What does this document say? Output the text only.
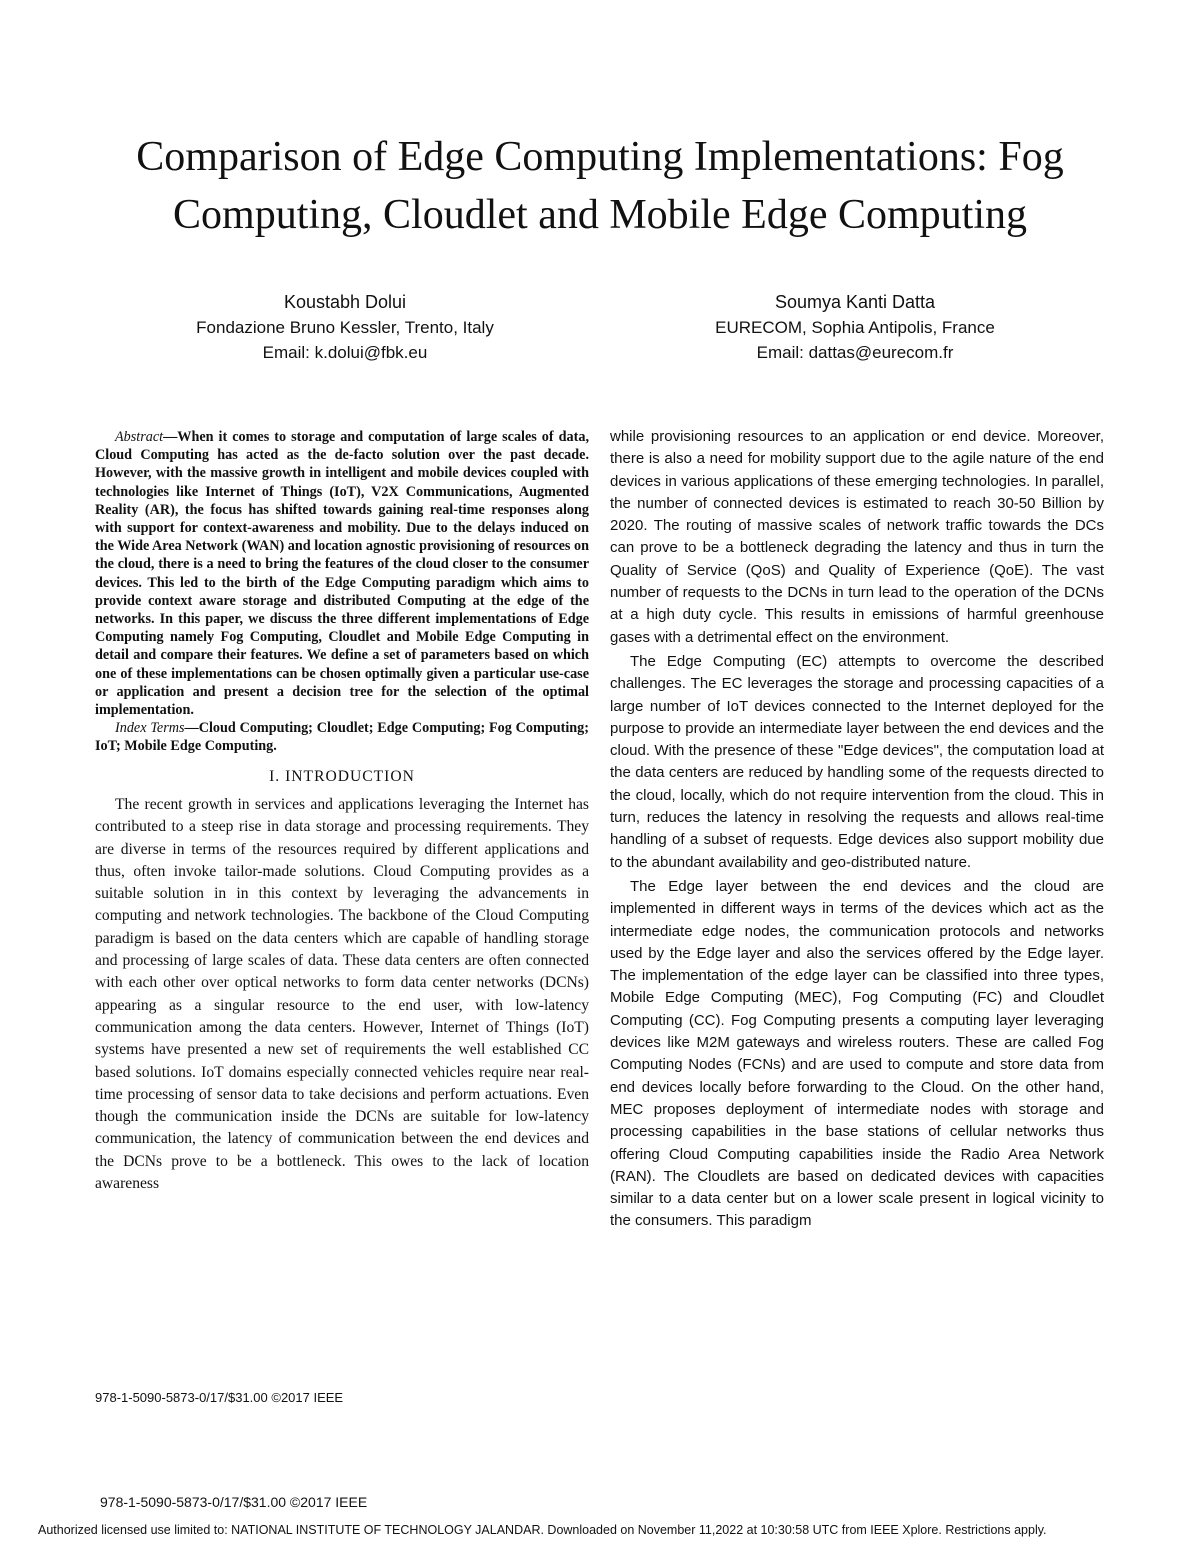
Comparison of Edge Computing Implementations: Fog Computing, Cloudlet and Mobile Edge Computing
Koustabh Dolui
Fondazione Bruno Kessler, Trento, Italy
Email: k.dolui@fbk.eu
Soumya Kanti Datta
EURECOM, Sophia Antipolis, France
Email: dattas@eurecom.fr

Abstract—When it comes to storage and computation of large scales of data, Cloud Computing has acted as the de-facto solution over the past decade. However, with the massive growth in intelligent and mobile devices coupled with technologies like Internet of Things (IoT), V2X Communications, Augmented Reality (AR), the focus has shifted towards gaining real-time responses along with support for context-awareness and mobility. Due to the delays induced on the Wide Area Network (WAN) and location agnostic provisioning of resources on the cloud, there is a need to bring the features of the cloud closer to the consumer devices. This led to the birth of the Edge Computing paradigm which aims to provide context aware storage and distributed Computing at the edge of the networks. In this paper, we discuss the three different implementations of Edge Computing namely Fog Computing, Cloudlet and Mobile Edge Computing in detail and compare their features. We define a set of parameters based on which one of these implementations can be chosen optimally given a particular use-case or application and present a decision tree for the selection of the optimal implementation.

Index Terms—Cloud Computing; Cloudlet; Edge Computing; Fog Computing; IoT; Mobile Edge Computing.

I. INTRODUCTION

The recent growth in services and applications leveraging the Internet has contributed to a steep rise in data storage and processing requirements. They are diverse in terms of the resources required by different applications and thus, often invoke tailor-made solutions. Cloud Computing provides as a suitable solution in in this context by leveraging the advancements in computing and network technologies. The backbone of the Cloud Computing paradigm is based on the data centers which are capable of handling storage and processing of large scales of data. These data centers are often connected with each other over optical networks to form data center networks (DCNs) appearing as a singular resource to the end user, with low-latency communication among the data centers. However, Internet of Things (IoT) systems have presented a new set of requirements the well established CC based solutions. IoT domains especially connected vehicles require near real-time processing of sensor data to take decisions and perform actuations. Even though the communication inside the DCNs are suitable for low-latency communication, the latency of communication between the end devices and the DCNs prove to be a bottleneck. This owes to the lack of location awareness

978-1-5090-5873-0/17/$31.00 ©2017 IEEE

while provisioning resources to an application or end device. Moreover, there is also a need for mobility support due to the agile nature of the end devices in various applications of these emerging technologies. In parallel, the number of connected devices is estimated to reach 30-50 Billion by 2020. The routing of massive scales of network traffic towards the DCs can prove to be a bottleneck degrading the latency and thus in turn the Quality of Service (QoS) and Quality of Experience (QoE). The vast number of requests to the DCNs in turn lead to the operation of the DCNs at a high duty cycle. This results in emissions of harmful greenhouse gases with a detrimental effect on the environment.

The Edge Computing (EC) attempts to overcome the described challenges. The EC leverages the storage and processing capacities of a large number of IoT devices connected to the Internet deployed for the purpose to provide an intermediate layer between the end devices and the cloud. With the presence of these "Edge devices", the computation load at the data centers are reduced by handling some of the requests directed to the cloud, locally, which do not require intervention from the cloud. This in turn, reduces the latency in resolving the requests and allows real-time handling of a subset of requests. Edge devices also support mobility due to the abundant availability and geo-distributed nature.

The Edge layer between the end devices and the cloud are implemented in different ways in terms of the devices which act as the intermediate edge nodes, the communication protocols and networks used by the Edge layer and also the services offered by the Edge layer. The implementation of the edge layer can be classified into three types, Mobile Edge Computing (MEC), Fog Computing (FC) and Cloudlet Computing (CC). Fog Computing presents a computing layer leveraging devices like M2M gateways and wireless routers. These are called Fog Computing Nodes (FCNs) and are used to compute and store data from end devices locally before forwarding to the Cloud. On the other hand, MEC proposes deployment of intermediate nodes with storage and processing capabilities in the base stations of cellular networks thus offering Cloud Computing capabilities inside the Radio Area Network (RAN). The Cloudlets are based on dedicated devices with capacities similar to a data center but on a lower scale present in logical vicinity to the consumers. This paradigm

978-1-5090-5873-0/17/$31.00 ©2017 IEEE
Authorized licensed use limited to: NATIONAL INSTITUTE OF TECHNOLOGY JALANDAR. Downloaded on November 11,2022 at 10:30:58 UTC from IEEE Xplore. Restrictions apply.
